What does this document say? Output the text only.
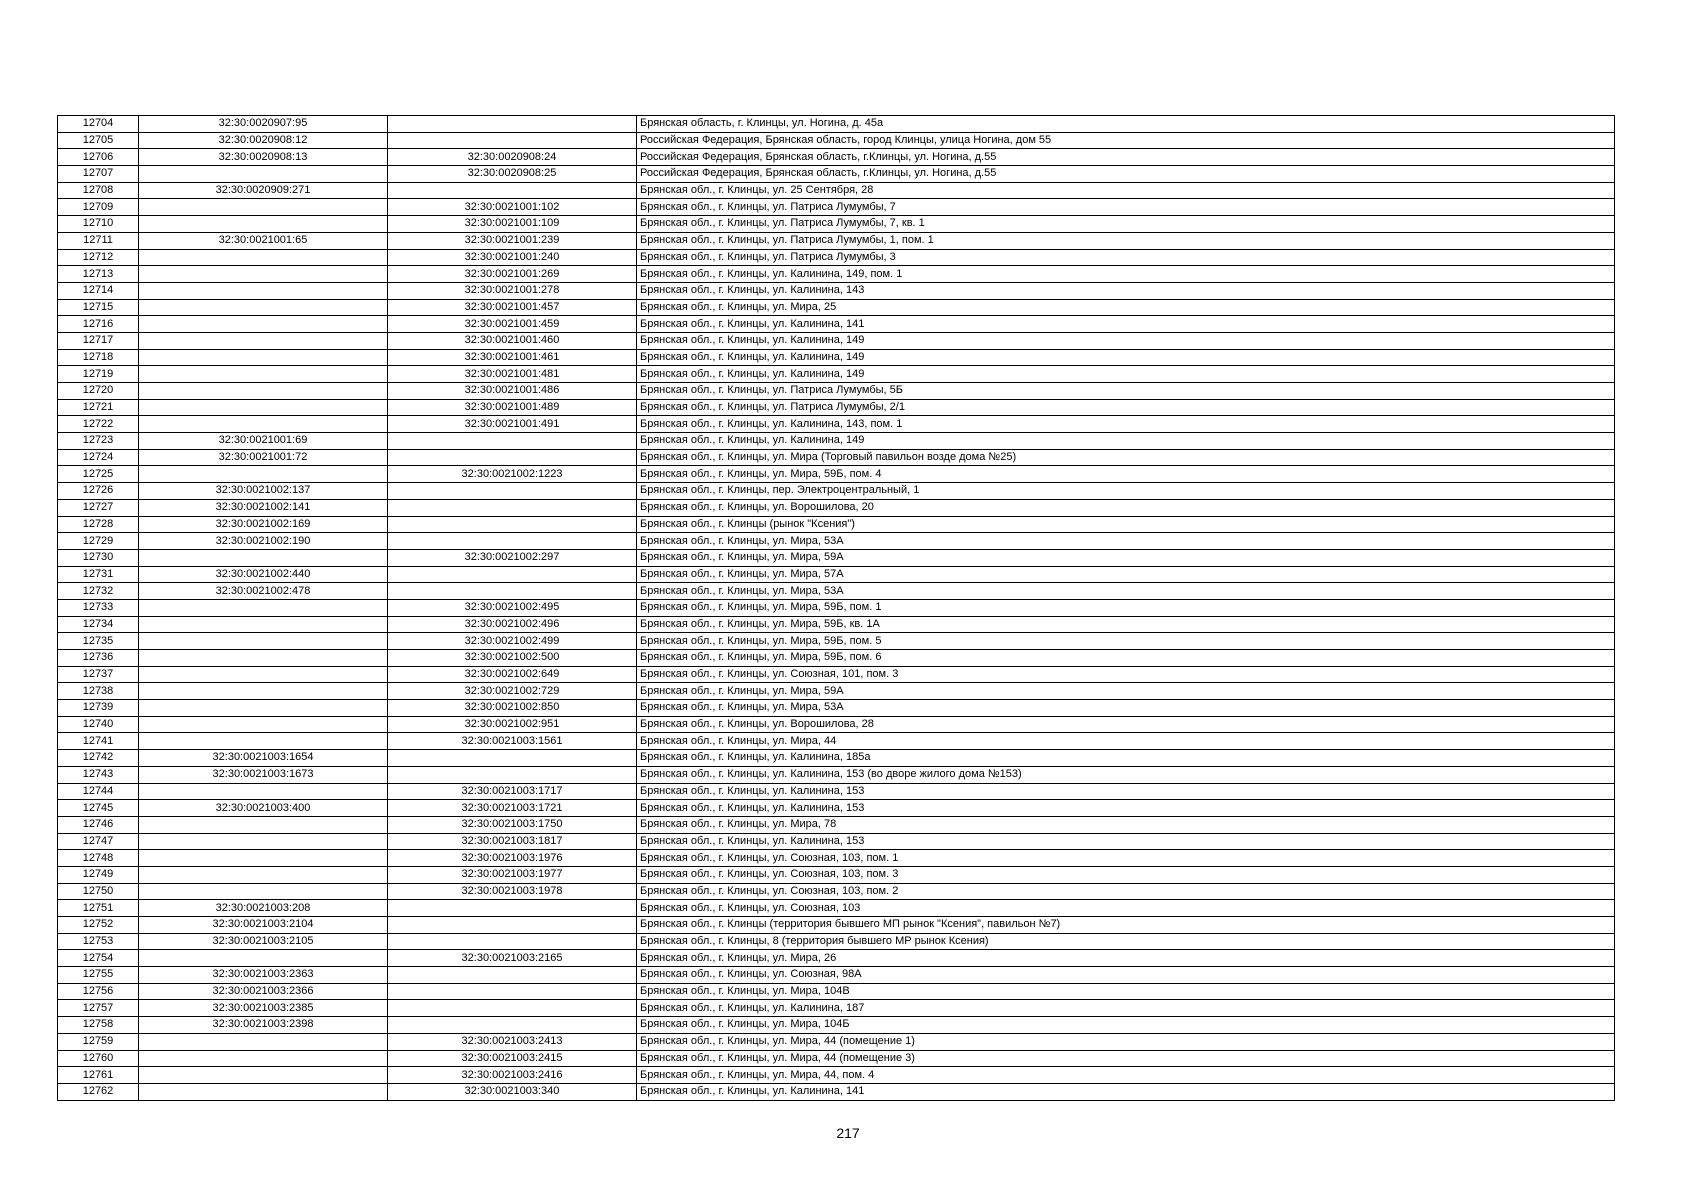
12704	32:30:0020907:95		Брянская область, г. Клинцы, ул. Ногина, д. 45а
12705	32:30:0020908:12		Российская Федерация, Брянская область, город Клинцы, улица Ногина, дом 55
12706	32:30:0020908:13	32:30:0020908:24	Российская Федерация, Брянская область, г.Клинцы, ул. Ногина, д.55
12707		32:30:0020908:25	Российская Федерация, Брянская область, г.Клинцы, ул. Ногина, д.55
12708	32:30:0020909:271		Брянская обл., г. Клинцы, ул. 25 Сентября, 28
12709		32:30:0021001:102	Брянская обл., г. Клинцы, ул. Патриса Лумумбы, 7
12710		32:30:0021001:109	Брянская обл., г. Клинцы, ул. Патриса Лумумбы, 7, кв. 1
12711	32:30:0021001:65	32:30:0021001:239	Брянская обл., г. Клинцы, ул. Патриса Лумумбы, 1, пом. 1
12712		32:30:0021001:240	Брянская обл., г. Клинцы, ул. Патриса Лумумбы, 3
12713		32:30:0021001:269	Брянская обл., г. Клинцы, ул. Калинина, 149, пом. 1
12714		32:30:0021001:278	Брянская обл., г. Клинцы, ул. Калинина, 143
12715		32:30:0021001:457	Брянская обл., г. Клинцы, ул. Мира, 25
12716		32:30:0021001:459	Брянская обл., г. Клинцы, ул. Калинина, 141
12717		32:30:0021001:460	Брянская обл., г. Клинцы, ул. Калинина, 149
12718		32:30:0021001:461	Брянская обл., г. Клинцы, ул. Калинина, 149
12719		32:30:0021001:481	Брянская обл., г. Клинцы, ул. Калинина, 149
12720		32:30:0021001:486	Брянская обл., г. Клинцы, ул. Патриса Лумумбы, 5Б
12721		32:30:0021001:489	Брянская обл., г. Клинцы, ул. Патриса Лумумбы, 2/1
12722		32:30:0021001:491	Брянская обл., г. Клинцы, ул. Калинина, 143, пом. 1
12723	32:30:0021001:69		Брянская обл., г. Клинцы, ул. Калинина, 149
12724	32:30:0021001:72		Брянская обл., г. Клинцы, ул. Мира (Торговый павильон возде дома №25)
12725		32:30:0021002:1223	Брянская обл., г. Клинцы, ул. Мира, 59Б, пом. 4
12726	32:30:0021002:137		Брянская обл., г. Клинцы, пер. Электроцентральный, 1
12727	32:30:0021002:141		Брянская обл., г. Клинцы, ул. Ворошилова, 20
12728	32:30:0021002:169		Брянская обл., г. Клинцы (рынок "Ксения")
12729	32:30:0021002:190		Брянская обл., г. Клинцы, ул. Мира, 53А
12730		32:30:0021002:297	Брянская обл., г. Клинцы, ул. Мира, 59А
12731	32:30:0021002:440		Брянская обл., г. Клинцы, ул. Мира, 57А
12732	32:30:0021002:478		Брянская обл., г. Клинцы, ул. Мира, 53А
12733		32:30:0021002:495	Брянская обл., г. Клинцы, ул. Мира, 59Б, пом. 1
12734		32:30:0021002:496	Брянская обл., г. Клинцы, ул. Мира, 59Б, кв. 1А
12735		32:30:0021002:499	Брянская обл., г. Клинцы, ул. Мира, 59Б, пом. 5
12736		32:30:0021002:500	Брянская обл., г. Клинцы, ул. Мира, 59Б, пом. 6
12737		32:30:0021002:649	Брянская обл., г. Клинцы, ул. Союзная, 101, пом. 3
12738		32:30:0021002:729	Брянская обл., г. Клинцы, ул. Мира, 59А
12739		32:30:0021002:850	Брянская обл., г. Клинцы, ул. Мира, 53А
12740		32:30:0021002:951	Брянская обл., г. Клинцы, ул. Ворошилова, 28
12741		32:30:0021003:1561	Брянская обл., г. Клинцы, ул. Мира, 44
12742	32:30:0021003:1654		Брянская обл., г. Клинцы, ул. Калинина, 185а
12743	32:30:0021003:1673		Брянская обл., г. Клинцы, ул. Калинина, 153 (во дворе жилого дома №153)
12744		32:30:0021003:1717	Брянская обл., г. Клинцы, ул. Калинина, 153
12745	32:30:0021003:400	32:30:0021003:1721	Брянская обл., г. Клинцы, ул. Калинина, 153
12746		32:30:0021003:1750	Брянская обл., г. Клинцы, ул. Мира, 78
12747		32:30:0021003:1817	Брянская обл., г. Клинцы, ул. Калинина, 153
12748		32:30:0021003:1976	Брянская обл., г. Клинцы, ул. Союзная, 103, пом. 1
12749		32:30:0021003:1977	Брянская обл., г. Клинцы, ул. Союзная, 103, пом. 3
12750		32:30:0021003:1978	Брянская обл., г. Клинцы, ул. Союзная, 103, пом. 2
12751	32:30:0021003:208		Брянская обл., г. Клинцы, ул. Союзная, 103
12752	32:30:0021003:2104		Брянская обл., г. Клинцы (территория бывшего МП рынок "Ксения", павильон №7)
12753	32:30:0021003:2105		Брянская обл., г. Клинцы, 8 (территория бывшего МР рынок Ксения)
12754		32:30:0021003:2165	Брянская обл., г. Клинцы, ул. Мира, 26
12755	32:30:0021003:2363		Брянская обл., г. Клинцы, ул. Союзная, 98А
12756	32:30:0021003:2366		Брянская обл., г. Клинцы, ул. Мира, 104В
12757	32:30:0021003:2385		Брянская обл., г. Клинцы, ул. Калинина, 187
12758	32:30:0021003:2398		Брянская обл., г. Клинцы, ул. Мира, 104Б
12759		32:30:0021003:2413	Брянская обл., г. Клинцы, ул. Мира, 44 (помещение 1)
12760		32:30:0021003:2415	Брянская обл., г. Клинцы, ул. Мира, 44 (помещение 3)
12761		32:30:0021003:2416	Брянская обл., г. Клинцы, ул. Мира, 44, пом. 4
12762		32:30:0021003:340	Брянская обл., г. Клинцы, ул. Калинина, 141
217
